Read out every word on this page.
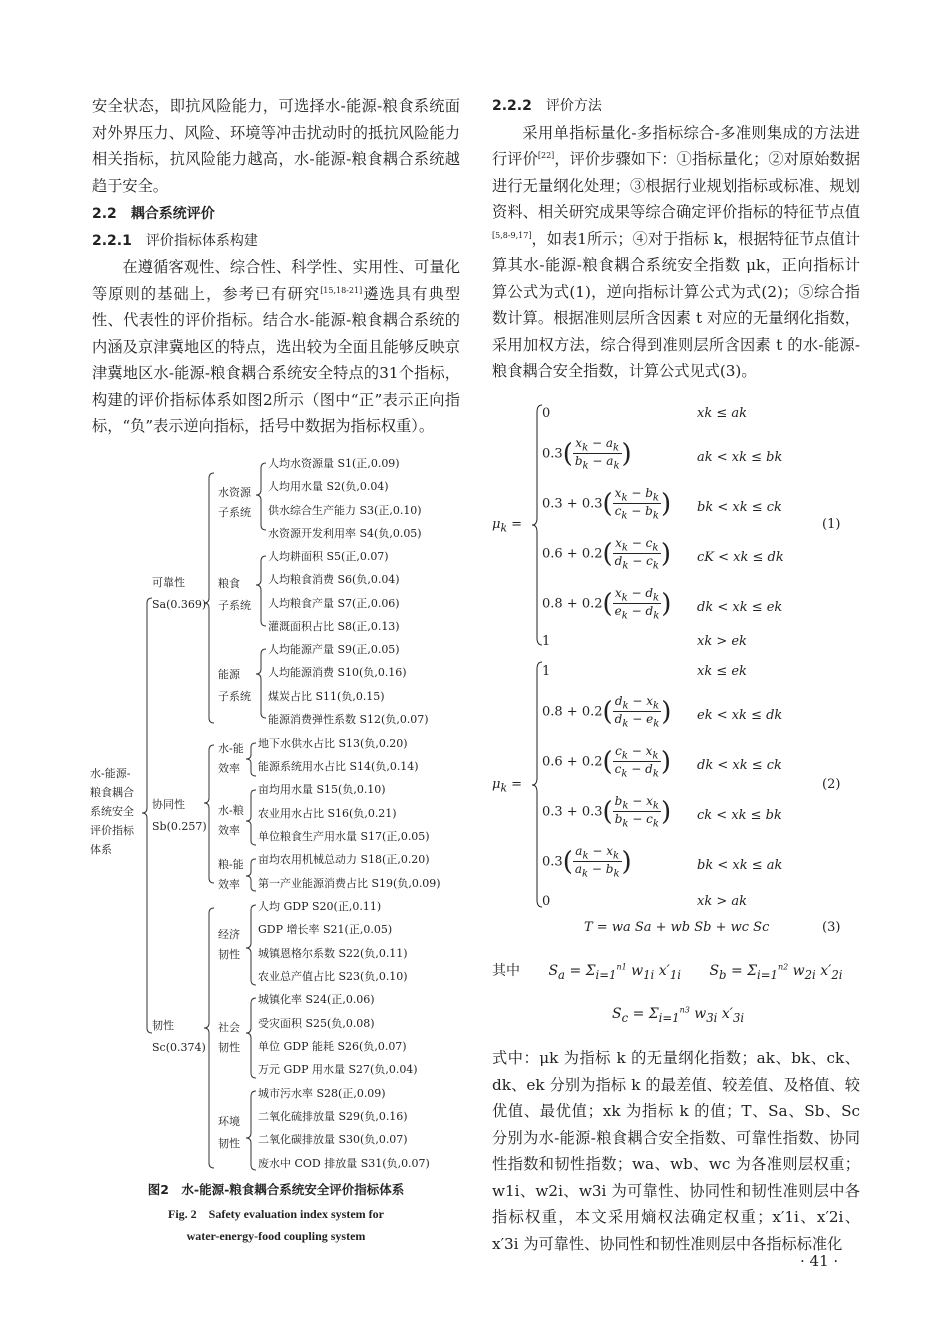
安全状态，即抗风险能力，可选择水-能源-粮食系统面对外界压力、风险、环境等冲击扰动时的抵抗风险能力相关指标，抗风险能力越高，水-能源-粮食耦合系统越趋于安全。

2.2　 耦合系统评价
2.2.1 评价指标体系构建

在遵循客观性、综合性、科学性、实用性、可量化等原则的基础上，参考已有研究[15,18-21]遴选具有典型性、代表性的评价指标。结合水-能源-粮食耦合系统的内涵及京津冀地区的特点，选出较为全面且能够反映京津冀地区水-能源-粮食耦合系统安全特点的31个指标，构建的评价指标体系如图2所示（图中“正”表示正向指标，“负”表示逆向指标，括号中数据为指标权重）。

水-能源-
粮食耦合
系统安全
评价指标
体系
可靠性
Sa(0.369)
协同性
Sb(0.257)
韧性
Sc(0.374)
水资源
子系统
粮食
子系统
能源
子系统
水-能
效率
水-粮
效率
粮-能
效率
经济
韧性
社会
韧性
环境
韧性
人均水资源量 S1(正,0.09)
人均用水量 S2(负,0.04)
供水综合生产能力 S3(正,0.10)
水资源开发利用率 S4(负,0.05)
人均耕面积 S5(正,0.07)
人均粮食消费 S6(负,0.04)
人均粮食产量 S7(正,0.06)
灌溉面积占比 S8(正,0.13)
人均能源产量 S9(正,0.05)
人均能源消费 S10(负,0.16)
煤炭占比 S11(负,0.15)
能源消费弹性系数 S12(负,0.07)
地下水供水占比 S13(负,0.20)
能源系统用水占比 S14(负,0.14)
亩均用水量 S15(负,0.10)
农业用水占比 S16(负,0.21)
单位粮食生产用水量 S17(正,0.05)
亩均农用机械总动力 S18(正,0.20)
第一产业能源消费占比 S19(负,0.09)
人均 GDP S20(正,0.11)
GDP 增长率 S21(正,0.05)
城镇恩格尔系数 S22(负,0.11)
农业总产值占比 S23(负,0.10)
城镇化率 S24(正,0.06)
受灾面积 S25(负,0.08)
单位 GDP 能耗 S26(负,0.07)
万元 GDP 用水量 S27(负,0.04)
城市污水率 S28(正,0.09)
二氧化硫排放量 S29(负,0.16)
二氧化碳排放量 S30(负,0.07)
废水中 COD 排放量 S31(负,0.07)
图2　水-能源-粮食耦合系统安全评价指标体系
Fig. 2　Safety evaluation index system for
water-energy-food coupling system
2.2.2 评价方法

采用单指标量化-多指标综合-多准则集成的方法进行评价[22]，评价步骤如下：①指标量化；②对原始数据进行无量纲化处理；③根据行业规划指标或标准、规划资料、相关研究成果等综合确定评价指标的特征节点值[5,8-9,17]，如表1所示；④对于指标 k，根据特征节点值计算其水-能源-粮食耦合系统安全指数 μk，正向指标计算公式为式(1)，逆向指标计算公式为式(2)；⑤综合指数计算。根据准则层所含因素 t 对应的无量纲化指数，采用加权方法，综合得到准则层所含因素 t 的水-能源-粮食耦合安全指数，计算公式见式(3)。

$\mu_k$ =
0
$0.3( \frac{x_k - a_k}{b_k - a_k}$ )
$0.3 + 0.3( \frac{x_k - b_k}{c_k - b_k}$ )
$0.6 + 0.2( \frac{x_k - c_k}{d_k - c_k}$ )
$0.8 + 0.2( \frac{x_k - d_k}{e_k - d_k}$ )
1
xk ≤ ak
ak < xk ≤ bk
bk < xk ≤ ck
cK < xk ≤ dk
dk < xk ≤ ek
xk > ek
(1)
$\mu_k$ =
1
$0.8 + 0.2( \frac{d_k - x_k}{d_k - e_k}$ )
$0.6 + 0.2( \frac{c_k - x_k}{c_k - d_k}$ )
$0.3 + 0.3( \frac{b_k - x_k}{b_k - c_k}$ )
$0.3( \frac{a_k - x_k}{a_k - b_k}$ )
0
xk ≤ ek
ek < xk ≤ dk
dk < xk ≤ ck
ck < xk ≤ bk
bk < xk ≤ ak
xk > ak
(2)
T = wa Sa + wb Sb + wc Sc	(3)
其中 $S_a = \Sigma_{i=1}^{n1}$ $w_{1i}$ $x'_{1i}$ $S_b = \Sigma_{i=1}^{n2}$ $w_{2i}$ $x'_{2i}$
$S_c = \Sigma_{i=1}^{n3}$ $w_{3i}$ $x'_{3i}$

式中：μk 为指标 k 的无量纲化指数；ak、bk、ck、dk、ek 分别为指标 k 的最差值、较差值、及格值、较优值、最优值；xk 为指标 k 的值；T、Sa、Sb、Sc 分别为水-能源-粮食耦合安全指数、可靠性指数、协同性指数和韧性指数；wa、wb、wc 为各准则层权重；w1i、w2i、w3i 为可靠性、协同性和韧性准则层中各指标权重，本文采用熵权法确定权重；x′1i、x′2i、x′3i 为可靠性、协同性和韧性准则层中各指标标准化

· 41 ·
